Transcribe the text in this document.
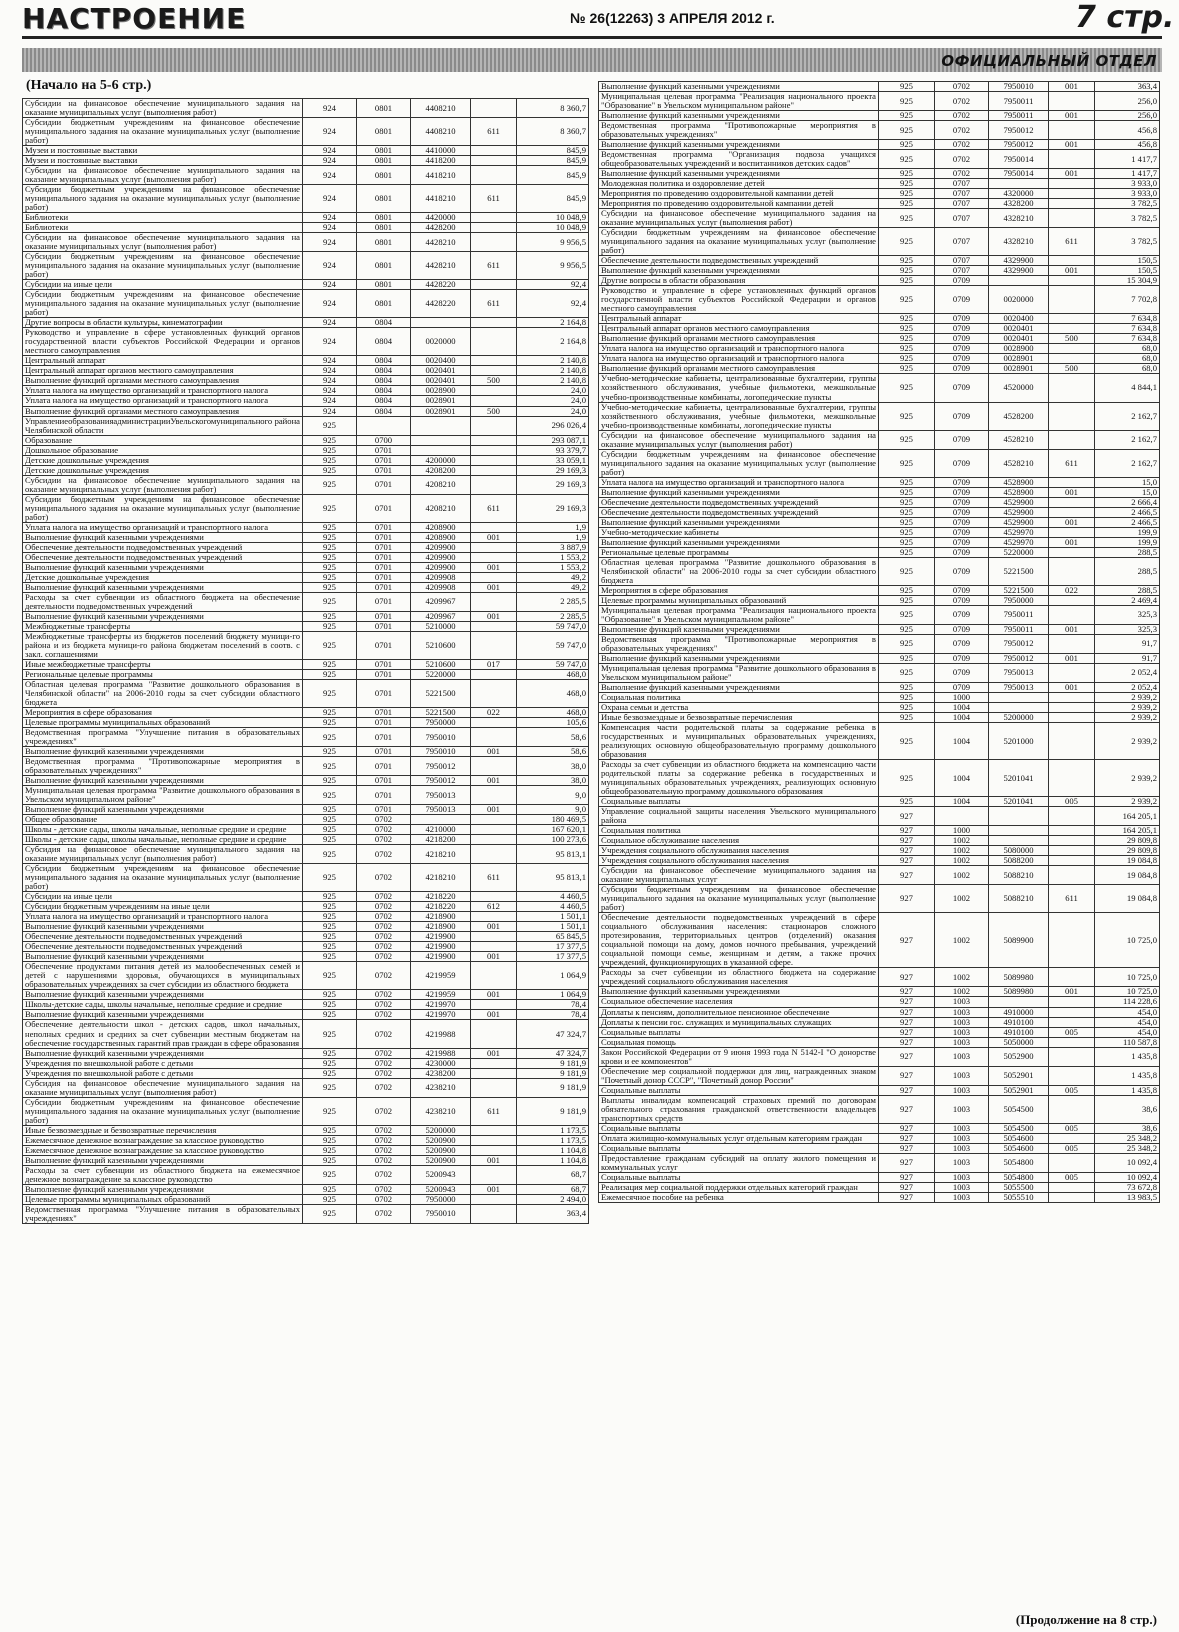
НАСТРОЕНИЕ	№ 26(12263) 3 АПРЕЛЯ 2012 г.	7 стр.
ОФИЦИАЛЬНЫЙ ОТДЕЛ
(Начало на 5-6 стр.)
Субсидии на финансовое обеспечение муниципального задания на оказание муниципальных услуг (выполнения работ)	924	0801	4408210		8 360,7
Субсидии бюджетным учреждениям на финансовое обеспечение муниципального задания на оказание муниципальных услуг (выполнение работ)	924	0801	4408210	611	8 360,7
Музеи и постоянные выставки	924	0801	4410000		845,9
Музеи и постоянные выставки	924	0801	4418200		845,9
Субсидии на финансовое обеспечение муниципального задания на оказание муниципальных услуг (выполнения работ)	924	0801	4418210		845,9
Субсидии бюджетным учреждениям на финансовое обеспечение муниципального задания на оказание муниципальных услуг (выполнение работ)	924	0801	4418210	611	845,9
Библиотеки	924	0801	4420000		10 048,9
Библиотеки	924	0801	4428200		10 048,9
Субсидии на финансовое обеспечение муниципального задания на оказание муниципальных услуг (выполнения работ)	924	0801	4428210		9 956,5
Субсидии бюджетным учреждениям на финансовое обеспечение муниципального задания на оказание муниципальных услуг (выполнение работ)	924	0801	4428210	611	9 956,5
Субсидии на иные цели	924	0801	4428220		92,4
Субсидии бюджетным учреждениям на финансовое обеспечение муниципального задания на оказание муниципальных услуг (выполнение работ)	924	0801	4428220	611	92,4
Другие вопросы в области культуры, кинематографии	924	0804			2 164,8
Руководство и управление в сфере установленных функций органов государственной власти субъектов Российской Федерации и органов местного самоуправления	924	0804	0020000		2 164,8
Центральный аппарат	924	0804	0020400		2 140,8
Центральный аппарат органов местного самоуправления	924	0804	0020401		2 140,8
Выполнение функций органами местного самоуправления	924	0804	0020401	500	2 140,8
Уплата налога на имущество организаций и транспортного налога	924	0804	0028900		24,0
Уплата налога на имущество организаций и транспортного налога	924	0804	0028901		24,0
Выполнение функций органами местного самоуправления	924	0804	0028901	500	24,0
УправлениеобразованияадминистрацииУвельскогомуниципального района Челябинской области	925				296 026,4
Образование	925	0700			293 087,1
Дошкольное образование	925	0701			93 379,7
Детские дошкольные учреждения	925	0701	4200000		33 059,1
Детские дошкольные учреждения	925	0701	4208200		29 169,3
Субсидии на финансовое обеспечение муниципального задания на оказание муниципальных услуг (выполнения работ)	925	0701	4208210		29 169,3
Субсидии бюджетным учреждениям на финансовое обеспечение муниципального задания на оказание муниципальных услуг (выполнение работ)	925	0701	4208210	611	29 169,3
Уплата налога на имущество организаций и транспортного налога	925	0701	4208900		1,9
Выполнение функций казенными учреждениями	925	0701	4208900	001	1,9
Обеспечение деятельности подведомственных учреждений	925	0701	4209900		3 887,9
Обеспечение деятельности подведомственных учреждений	925	0701	4209900		1 553,2
Выполнение функций казенными учреждениями	925	0701	4209900	001	1 553,2
Детские дошкольные учреждения	925	0701	4209908		49,2
Выполнение функций казенными учреждениями	925	0701	4209908	001	49,2
Расходы за счет субвенции из областного бюджета на обеспечение деятельности подведомственных учреждений	925	0701	4209967		2 285,5
Выполнение функций казенными учреждениями	925	0701	4209967	001	2 285,5
Межбюджетные трансферты	925	0701	5210000		59 747,0
Межбюджетные трансферты из бюджетов поселений бюджету муници-го района и из бюджета муници-го района бюджетам поселений в соотв. с закл. соглашениями	925	0701	5210600		59 747,0
Иные межбюджетные трансферты	925	0701	5210600	017	59 747,0
Региональные целевые программы	925	0701	5220000		468,0
Областная целевая программа "Развитие дошкольного образования в Челябинской области" на 2006-2010 годы за счет субсидии областного бюджета	925	0701	5221500		468,0
Мероприятия в сфере образования	925	0701	5221500	022	468,0
Целевые программы муниципальных образований	925	0701	7950000		105,6
Ведомственная программа "Улучшение питания в образовательных учреждениях"	925	0701	7950010		58,6
Выполнение функций казенными учреждениями	925	0701	7950010	001	58,6
Ведомственная программа "Противопожарные мероприятия в образовательных учреждениях"	925	0701	7950012		38,0
Выполнение функций казенными учреждениями	925	0701	7950012	001	38,0
Муниципальная целевая программа "Развитие дошкольного образования в Увельском муниципальном районе"	925	0701	7950013		9,0
Выполнение функций казенными учреждениями	925	0701	7950013	001	9,0
Общее образование	925	0702			180 469,5
Школы - детские сады, школы начальные, неполные средние и средние	925	0702	4210000		167 620,1
Школы - детские сады, школы начальные, неполные средние и средние	925	0702	4218200		100 273,6
Субсидия на финансовое обеспечение муниципального задания на оказание муниципальных услуг (выполнения работ)	925	0702	4218210		95 813,1
Субсидии бюджетным учреждениям на финансовое обеспечение муниципального задания на оказание муниципальных услуг (выполнение работ)	925	0702	4218210	611	95 813,1
Субсидии на иные цели	925	0702	4218220		4 460,5
Субсидии бюджетным учреждениям на иные цели	925	0702	4218220	612	4 460,5
Уплата налога на имущество организаций и транспортного налога	925	0702	4218900		1 501,1
Выполнение функций казенными учреждениями	925	0702	4218900	001	1 501,1
Обеспечение деятельности подведомственных учреждений	925	0702	4219900		65 845,5
Обеспечение деятельности подведомственных учреждений	925	0702	4219900		17 377,5
Выполнение функций казенными учреждениями	925	0702	4219900	001	17 377,5
Обеспечение продуктами питания детей из малообеспеченных семей и детей с нарушениями здоровья, обучающихся в муниципальных образовательных учреждениях за счет субсидии из областного бюджета	925	0702	4219959		1 064,9
Выполнение функций казенными учреждениями	925	0702	4219959	001	1 064,9
Школы-детские сады, школы начальные, неполные средние и средние	925	0702	4219970		78,4
Выполнение функций казенными учреждениями	925	0702	4219970	001	78,4
Обеспечение деятельности школ - детских садов, школ начальных, неполных средних и средних за счет субвенции местным бюджетам на обеспечение государственных гарантий прав граждан в сфере образования	925	0702	4219988		47 324,7
Выполнение функций казенными учреждениями	925	0702	4219988	001	47 324,7
Учреждения по внешкольной работе с детьми	925	0702	4230000		9 181,9
Учреждения по внешкольной работе с детьми	925	0702	4238200		9 181,9
Субсидия на финансовое обеспечение муниципального задания на оказание муниципальных услуг (выполнения работ)	925	0702	4238210		9 181,9
Субсидии бюджетным учреждениям на финансовое обеспечение муниципального задания на оказание муниципальных услуг (выполнение работ)	925	0702	4238210	611	9 181,9
Иные безвозмездные и безвозвратные перечисления	925	0702	5200000		1 173,5
Ежемесячное денежное вознаграждение за классное руководство	925	0702	5200900		1 173,5
Ежемесячное денежное вознаграждение за классное руководство	925	0702	5200900		1 104,8
Выполнение функций казенными учреждениями	925	0702	5200900	001	1 104,8
Расходы за счет субвенции из областного бюджета на ежемесячное денежное вознаграждение за классное руководство	925	0702	5200943		68,7
Выполнение функций казенными учреждениями	925	0702	5200943	001	68,7
Целевые программы муниципальных образований	925	0702	7950000		2 494,0
Ведомственная программа "Улучшение питания в образовательных учреждениях"	925	0702	7950010		363,4
Выполнение функций казенными учреждениями	925	0702	7950010	001	363,4
Муниципальная целевая программа "Реализация национального проекта "Образование" в Увельском муниципальном районе"	925	0702	7950011		256,0
Выполнение функций казенными учреждениями	925	0702	7950011	001	256,0
Ведомственная программа "Противопожарные мероприятия в образовательных учреждениях"	925	0702	7950012		456,8
Выполнение функций казенными учреждениями	925	0702	7950012	001	456,8
Ведомственная программа "Организация подвоза учащихся общеобразовательных учреждений и воспитанников детских садов"	925	0702	7950014		1 417,7
Выполнение функций казенными учреждениями	925	0702	7950014	001	1 417,7
Молодежная политика и оздоровление детей	925	0707			3 933,0
Мероприятия по проведению оздоровительной кампании детей	925	0707	4320000		3 933,0
Мероприятия по проведению оздоровительной кампании детей	925	0707	4328200		3 782,5
Субсидии на финансовое обеспечение муниципального задания на оказание муниципальных услуг (выполнения работ)	925	0707	4328210		3 782,5
Субсидии бюджетным учреждениям на финансовое обеспечение муниципального задания на оказание муниципальных услуг (выполнение работ)	925	0707	4328210	611	3 782,5
Обеспечение деятельности подведомственных учреждений	925	0707	4329900		150,5
Выполнение функций казенными учреждениями	925	0707	4329900	001	150,5
Другие вопросы в области образования	925	0709			15 304,9
Руководство и управление в сфере установленных функций органов государственной власти субъектов Российской Федерации и органов местного самоуправления	925	0709	0020000		7 702,8
Центральный аппарат	925	0709	0020400		7 634,8
Центральный аппарат органов местного самоуправления	925	0709	0020401		7 634,8
Выполнение функций органами местного самоуправления	925	0709	0020401	500	7 634,8
Уплата налога на имущество организаций и транспортного налога	925	0709	0028900		68,0
Уплата налога на имущество организаций и транспортного налога	925	0709	0028901		68,0
Выполнение функций органами местного самоуправления	925	0709	0028901	500	68,0
Учебно-методические кабинеты, централизованные бухгалтерии, группы хозяйственного обслуживания, учебные фильмотеки, межшкольные учебно-производственные комбинаты, логопедические пункты	925	0709	4520000		4 844,1
Учебно-методические кабинеты, централизованные бухгалтерии, группы хозяйственного обслуживания, учебные фильмотеки, межшкольные учебно-производственные комбинаты, логопедические пункты	925	0709	4528200		2 162,7
Субсидии на финансовое обеспечение муниципального задания на оказание муниципальных услуг (выполнения работ)	925	0709	4528210		2 162,7
Субсидии бюджетным учреждениям на финансовое обеспечение муниципального задания на оказание муниципальных услуг (выполнение работ)	925	0709	4528210	611	2 162,7
Уплата налога на имущество организаций и транспортного налога	925	0709	4528900		15,0
Выполнение функций казенными учреждениями	925	0709	4528900	001	15,0
Обеспечение деятельности подведомственных учреждений	925	0709	4529900		2 666,4
Обеспечение деятельности подведомственных учреждений	925	0709	4529900		2 466,5
Выполнение функций казенными учреждениями	925	0709	4529900	001	2 466,5
Учебно-методические кабинеты	925	0709	4529970		199,9
Выполнение функций казенными учреждениями	925	0709	4529970	001	199,9
Региональные целевые программы	925	0709	5220000		288,5
Областная целевая программа "Развитие дошкольного образования в Челябинской области" на 2006-2010 годы за счет субсидии областного бюджета	925	0709	5221500		288,5
Мероприятия в сфере образования	925	0709	5221500	022	288,5
Целевые программы муниципальных образований	925	0709	7950000		2 469,4
Муниципальная целевая программа "Реализация национального проекта "Образование" в Увельском муниципальном районе"	925	0709	7950011		325,3
Выполнение функций казенными учреждениями	925	0709	7950011	001	325,3
Ведомственная программа "Противопожарные мероприятия в образовательных учреждениях"	925	0709	7950012		91,7
Выполнение функций казенными учреждениями	925	0709	7950012	001	91,7
Муниципальная целевая программа "Развитие дошкольного образования в Увельском муниципальном районе"	925	0709	7950013		2 052,4
Выполнение функций казенными учреждениями	925	0709	7950013	001	2 052,4
Социальная политика	925	1000			2 939,2
Охрана семьи и детства	925	1004			2 939,2
Иные безвозмездные и безвозвратные перечисления	925	1004	5200000		2 939,2
Компенсация части родительской платы за содержание ребенка в государственных и муниципальных образовательных учреждениях, реализующих основную общеобразовательную программу дошкольного образования	925	1004	5201000		2 939,2
Расходы за счет субвенции из областного бюджета на компенсацию части родительской платы за содержание ребенка в государственных и муниципальных образовательных учреждениях, реализующих основную общеобразовательную программу дошкольного образования	925	1004	5201041		2 939,2
Социальные выплаты	925	1004	5201041	005	2 939,2
Управление социальной защиты населения Увельского муниципального района	927				164 205,1
Социальная политика	927	1000			164 205,1
Социальное обслуживание населения	927	1002			29 809,8
Учреждения социального обслуживания населения	927	1002	5080000		29 809,8
Учреждения социального обслуживания населения	927	1002	5088200		19 084,8
Субсидии на финансовое обеспечение муниципального задания на оказание муниципальных услуг	927	1002	5088210		19 084,8
Субсидии бюджетным учреждениям на финансовое обеспечение муниципального задания на оказание муниципальных услуг (выполнение работ)	927	1002	5088210	611	19 084,8
Обеспечение деятельности подведомственных учреждений в сфере социального обслуживания населения: стационаров сложного протезирования, территориальных центров (отделений) оказания социальной помощи на дому, домов ночного пребывания, учреждений социальной помощи семье, женщинам и детям, а также прочих учреждений, функционирующих в указанной сфере.	927	1002	5089900		10 725,0
Расходы за счет субвенции из областного бюджета на содержание учреждений социального обслуживания населения	927	1002	5089980		10 725,0
Выполнение функций казенными учреждениями	927	1002	5089980	001	10 725,0
Социальное обеспечение населения	927	1003			114 228,6
Доплаты к пенсиям, дополнительное пенсионное обеспечение	927	1003	4910000		454,0
Доплаты к пенсии гос. служащих и муниципальных служащих	927	1003	4910100		454,0
Социальные выплаты	927	1003	4910100	005	454,0
Социальная помощь	927	1003	5050000		110 587,8
Закон Российской Федерации от 9 июня 1993 года N 5142-I "О донорстве крови и ее компонентов"	927	1003	5052900		1 435,8
Обеспечение мер социальной поддержки для лиц, награжденных знаком "Почетный донор СССР", "Почетный донор России"	927	1003	5052901		1 435,8
Социальные выплаты	927	1003	5052901	005	1 435,8
Выплаты инвалидам компенсаций страховых премий по договорам обязательного страхования гражданской ответственности владельцев транспортных средств	927	1003	5054500		38,6
Социальные выплаты	927	1003	5054500	005	38,6
Оплата жилищно-коммунальных услуг отдельным категориям граждан	927	1003	5054600		25 348,2
Социальные выплаты	927	1003	5054600	005	25 348,2
Предоставление гражданам субсидий на оплату жилого помещения и коммунальных услуг	927	1003	5054800		10 092,4
Социальные выплаты	927	1003	5054800	005	10 092,4
Реализация мер социальной поддержки отдельных категорий граждан	927	1003	5055500		73 672,8
Ежемесячное пособие на ребенка	927	1003	5055510		13 983,5
(Продолжение на 8 стр.)
